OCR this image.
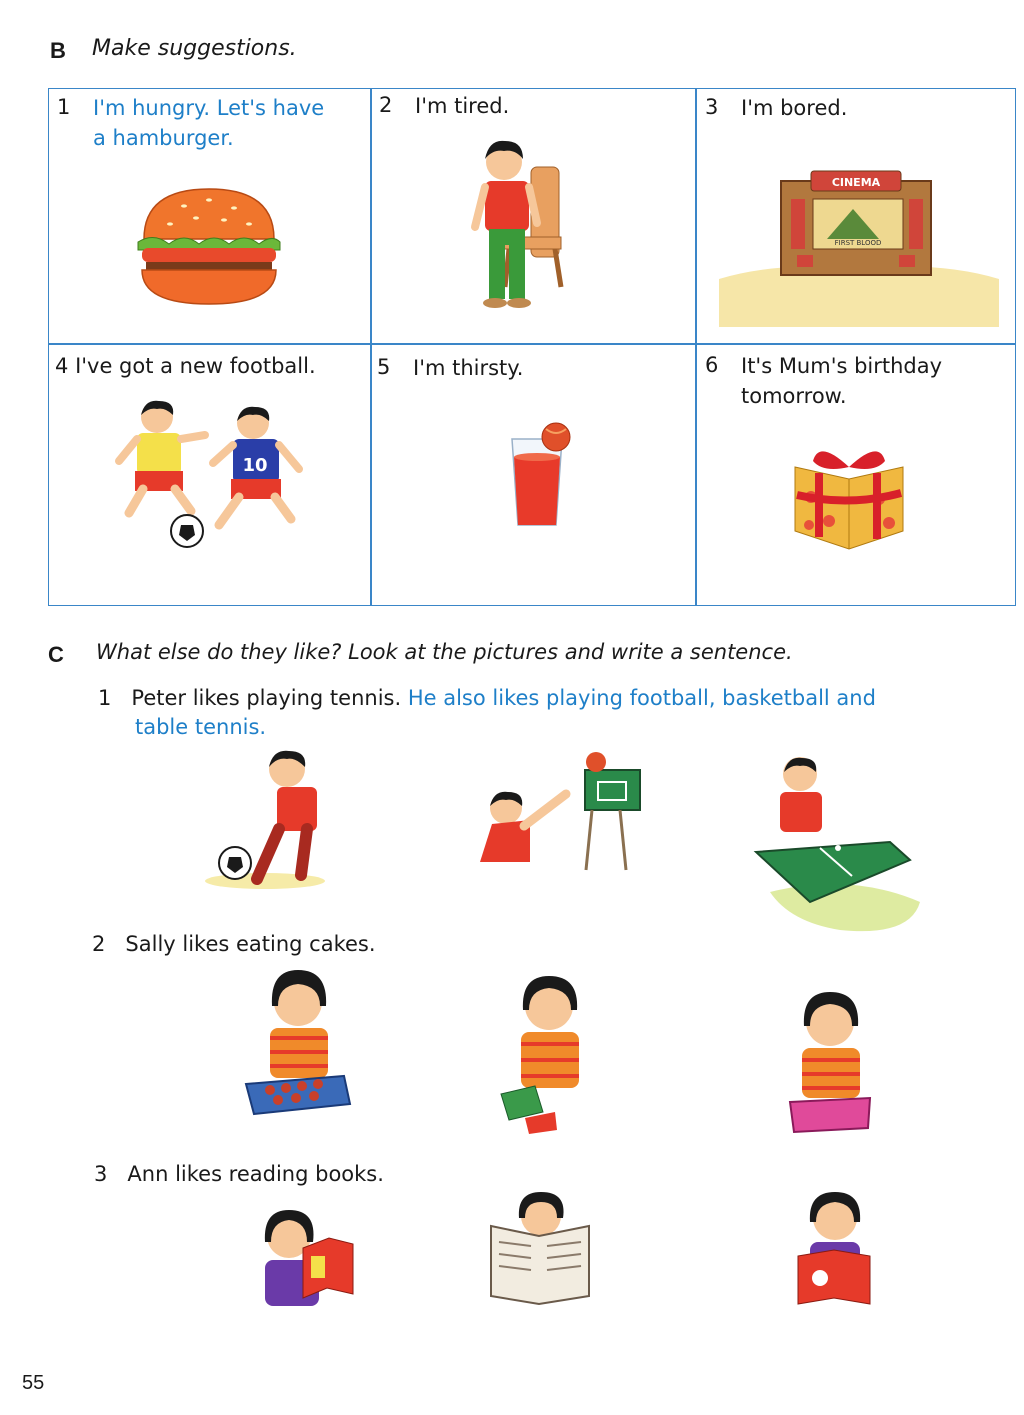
B Make suggestions.
1 I'm hungry. Let's have
a hamburger.
2 I'm tired.	3 I'm bored.
CINEMA
FIRST BLOOD
4 I've got a new football.
10
5 I'm thirsty.	6 It's Mum's birthday
tomorrow.
C What else do they like? Look at the pictures and write a sentence.
1 Peter likes playing tennis. He also likes playing football, basketball and
table tennis.
2 Sally likes eating cakes.
3 Ann likes reading books.
55
